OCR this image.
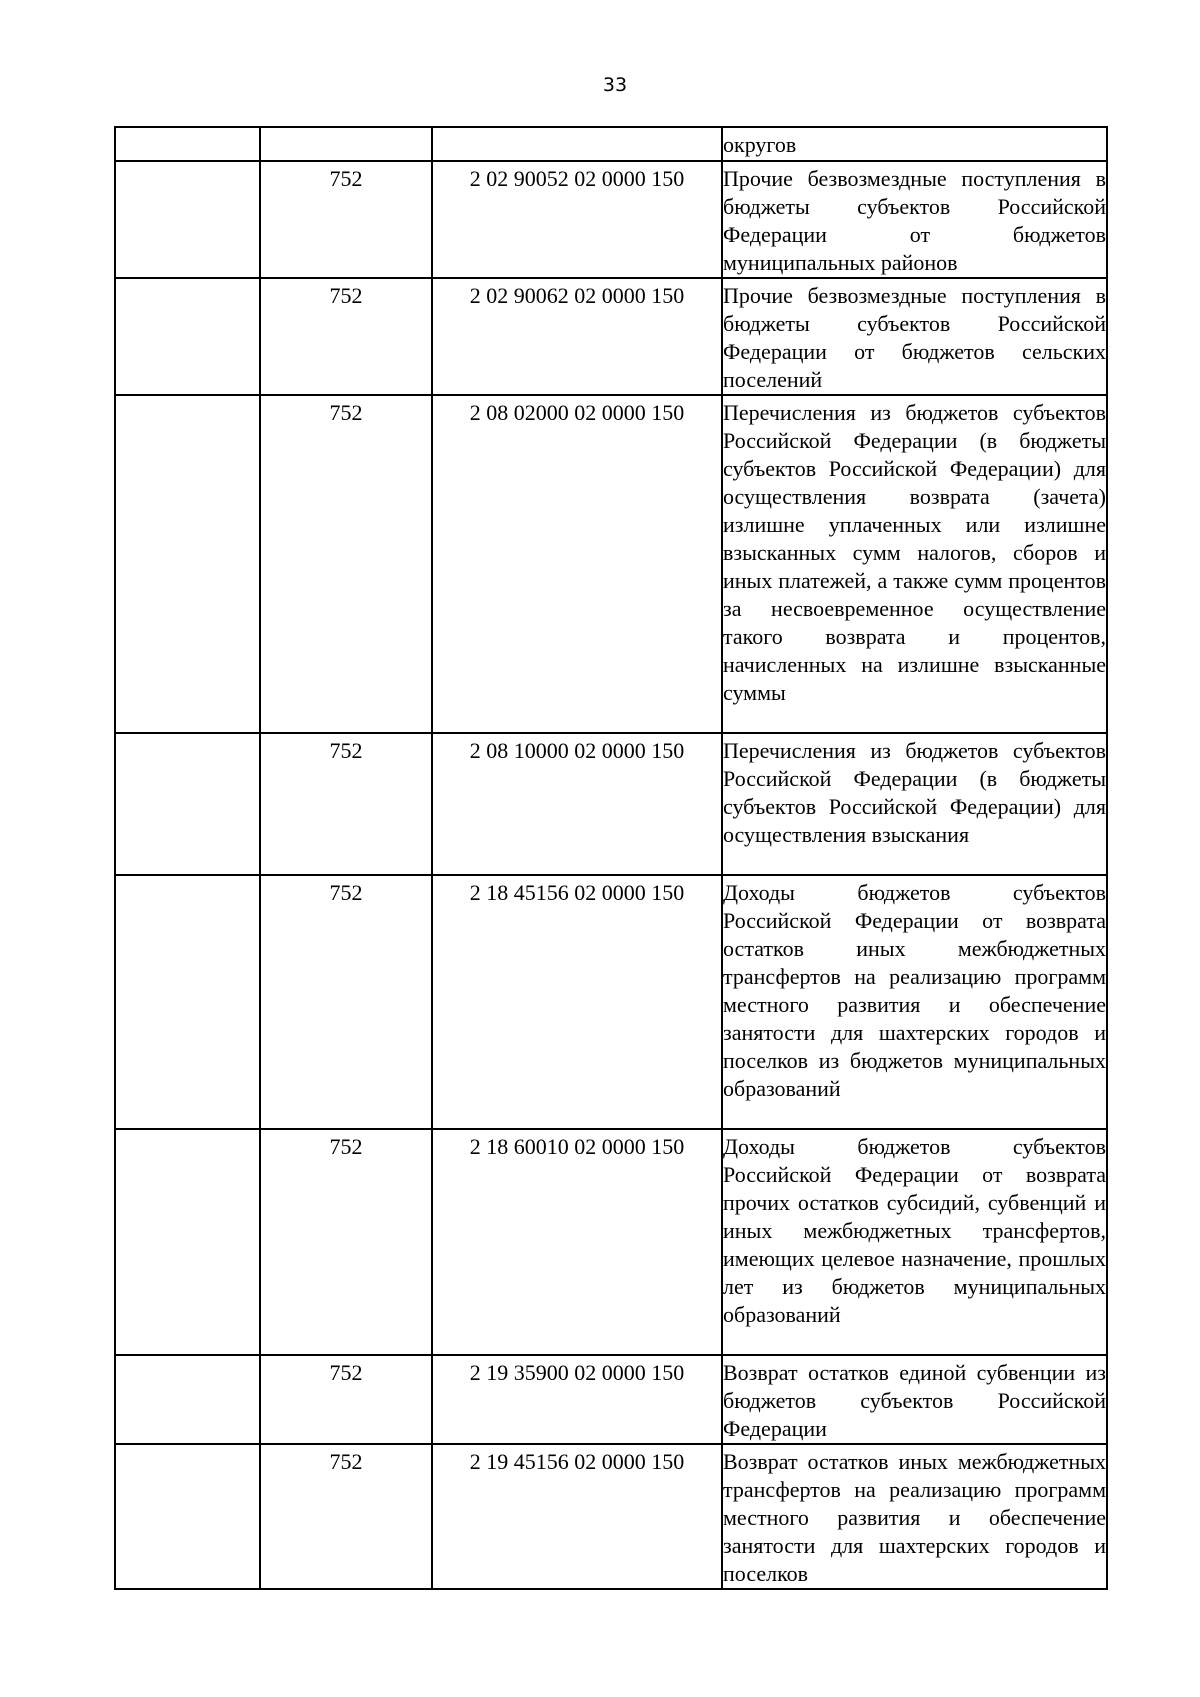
33

			округов

	752	2 02 90052 02 0000 150	Прочие безвозмездные поступления в бюджеты субъектов Российской Федерации от бюджетов муниципальных районов

	752	2 02 90062 02 0000 150	Прочие безвозмездные поступления в бюджеты субъектов Российской Федерации от бюджетов сельских поселений

	752	2 08 02000 02 0000 150	Перечисления из бюджетов субъектов Российской Федерации (в бюджеты субъектов Российской Федерации) для осуществления возврата (зачета) излишне уплаченных или излишне взысканных сумм налогов, сборов и иных платежей, а также сумм процентов за несвоевременное осуществление такого возврата и процентов, начисленных на излишне взысканные суммы

	752	2 08 10000 02 0000 150	Перечисления из бюджетов субъектов Российской Федерации (в бюджеты субъектов Российской Федерации) для осуществления взыскания

	752	2 18 45156 02 0000 150	Доходы бюджетов субъектов Российской Федерации от возврата остатков иных межбюджетных трансфертов на реализацию программ местного развития и обеспечение занятости для шахтерских городов и поселков из бюджетов муниципальных образований

	752	2 18 60010 02 0000 150	Доходы бюджетов субъектов Российской Федерации от возврата прочих остатков субсидий, субвенций и иных межбюджетных трансфертов, имеющих целевое назначение, прошлых лет из бюджетов муниципальных образований

	752	2 19 35900 02 0000 150	Возврат остатков единой субвенции из бюджетов субъектов Российской Федерации

	752	2 19 45156 02 0000 150	Возврат остатков иных межбюджетных трансфертов на реализацию программ местного развития и обеспечение занятости для шахтерских городов и поселков
